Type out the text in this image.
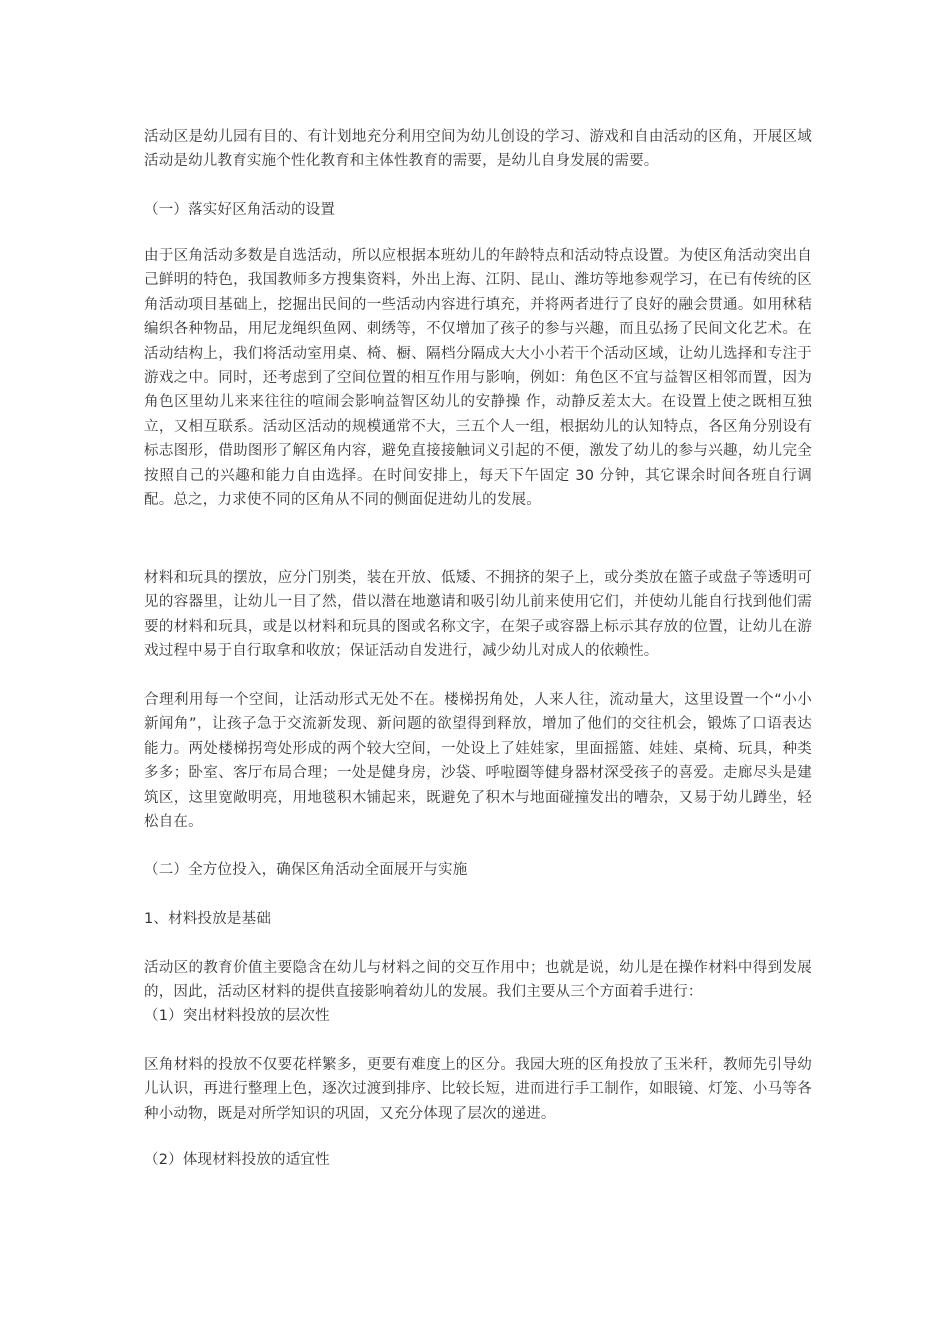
活动区是幼儿园有目的、有计划地充分利用空间为幼儿创设的学习、游戏和自由活动的区角，开展区域活动是幼儿教育实施个性化教育和主体性教育的需要，是幼儿自身发展的需要。

（一）落实好区角活动的设置

由于区角活动多数是自选活动，所以应根据本班幼儿的年龄特点和活动特点设置。为使区角活动突出自己鲜明的特色，我国教师多方搜集资料，外出上海、江阴、昆山、潍坊等地参观学习，在已有传统的区角活动项目基础上，挖掘出民间的一些活动内容进行填充，并将两者进行了良好的融会贯通。如用秫秸编织各种物品，用尼龙绳织鱼网、刺绣等，不仅增加了孩子的参与兴趣，而且弘扬了民间文化艺术。在活动结构上，我们将活动室用桌、椅、橱、隔档分隔成大大小小若干个活动区域，让幼儿选择和专注于游戏之中。同时，还考虑到了空间位置的相互作用与影响，例如：角色区不宜与益智区相邻而置，因为角色区里幼儿来来往往的喧闹会影响益智区幼儿的安静操 作，动静反差太大。在设置上使之既相互独立，又相互联系。活动区活动的规模通常不大，三五个人一组，根据幼儿的认知特点，各区角分别设有标志图形，借助图形了解区角内容，避免直接接触词义引起的不便，激发了幼儿的参与兴趣，幼儿完全按照自己的兴趣和能力自由选择。在时间安排上，每天下午固定 30 分钟，其它课余时间各班自行调配。总之，力求使不同的区角从不同的侧面促进幼儿的发展。

材料和玩具的摆放，应分门别类，装在开放、低矮、不拥挤的架子上，或分类放在篮子或盘子等透明可见的容器里，让幼儿一目了然，借以潜在地邀请和吸引幼儿前来使用它们，并使幼儿能自行找到他们需要的材料和玩具，或是以材料和玩具的图或名称文字，在架子或容器上标示其存放的位置，让幼儿在游戏过程中易于自行取拿和收放；保证活动自发进行，减少幼儿对成人的依赖性。

合理利用每一个空间，让活动形式无处不在。楼梯拐角处，人来人往，流动量大，这里设置一个“小小新闻角”，让孩子急于交流新发现、新问题的欲望得到释放，增加了他们的交往机会，锻炼了口语表达能力。两处楼梯拐弯处形成的两个较大空间，一处设上了娃娃家，里面摇篮、娃娃、桌椅、玩具，种类多多；卧室、客厅布局合理；一处是健身房，沙袋、呼啦圈等健身器材深受孩子的喜爱。走廊尽头是建筑区，这里宽敞明亮，用地毯积木铺起来，既避免了积木与地面碰撞发出的嘈杂，又易于幼儿蹲坐，轻松自在。

（二）全方位投入，确保区角活动全面展开与实施

1、材料投放是基础

活动区的教育价值主要隐含在幼儿与材料之间的交互作用中；也就是说，幼儿是在操作材料中得到发展的，因此，活动区材料的提供直接影响着幼儿的发展。我们主要从三个方面着手进行：

（1）突出材料投放的层次性

区角材料的投放不仅要花样繁多，更要有难度上的区分。我园大班的区角投放了玉米秆，教师先引导幼儿认识，再进行整理上色，逐次过渡到排序、比较长短，进而进行手工制作，如眼镜、灯笼、小马等各种小动物，既是对所学知识的巩固，又充分体现了层次的递进。

（2）体现材料投放的适宜性
